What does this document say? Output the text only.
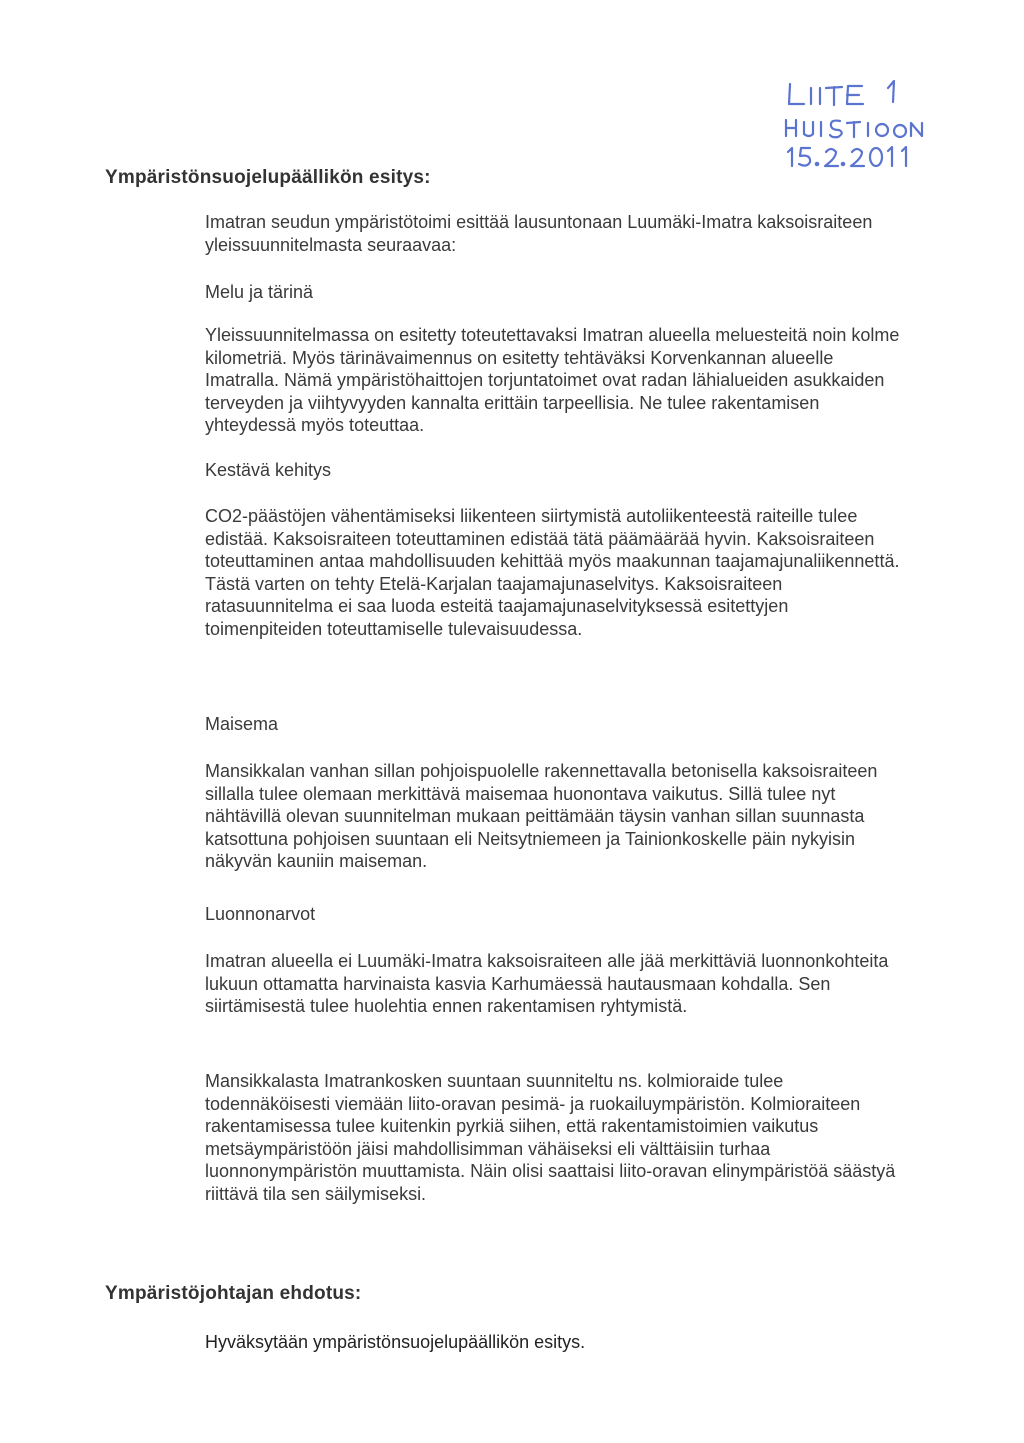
Ympäristönsuojelupäällikön esitys:

Imatran seudun ympäristötoimi esittää lausuntonaan Luumäki-Imatra kaksoisraiteen yleissuunnitelmasta seuraavaa:

Melu ja tärinä

Yleissuunnitelmassa on esitetty toteutettavaksi Imatran alueella meluesteitä noin kolme kilometriä. Myös tärinävaimennus on esitetty tehtäväksi Korvenkannan alueelle Imatralla. Nämä ympäristöhaittojen torjuntatoimet ovat radan lähialueiden asukkaiden terveyden ja viihtyvyyden kannalta erittäin tarpeellisia. Ne tulee rakentamisen yhteydessä myös toteuttaa.

Kestävä kehitys

CO2-päästöjen vähentämiseksi liikenteen siirtymistä autoliikenteestä raiteille tulee edistää. Kaksoisraiteen toteuttaminen edistää tätä päämäärää hyvin. Kaksoisraiteen toteuttaminen antaa mahdollisuuden kehittää myös maakunnan taajamajunaliikennettä. Tästä varten on tehty Etelä-Karjalan taajamajunaselvitys. Kaksoisraiteen ratasuunnitelma ei saa luoda esteitä taajamajunaselvityksessä esitettyjen toimenpiteiden toteuttamiselle tulevaisuudessa.

Maisema

Mansikkalan vanhan sillan pohjoispuolelle rakennettavalla betonisella kaksoisraiteen sillalla tulee olemaan merkittävä maisemaa huonontava vaikutus. Sillä tulee nyt nähtävillä olevan suunnitelman mukaan peittämään täysin vanhan sillan suunnasta katsottuna pohjoisen suuntaan eli Neitsytniemeen ja Tainionkoskelle päin nykyisin näkyvän kauniin maiseman.

Luonnonarvot

Imatran alueella ei Luumäki-Imatra kaksoisraiteen alle jää merkittäviä luonnonkohteita lukuun ottamatta harvinaista kasvia Karhumäessä hautausmaan kohdalla. Sen siirtämisestä tulee huolehtia ennen rakentamisen ryhtymistä.

Mansikkalasta Imatrankosken suuntaan suunniteltu ns. kolmioraide tulee todennäköisesti viemään liito-oravan pesimä- ja ruokailuympäristön. Kolmioraiteen rakentamisessa tulee kuitenkin pyrkiä siihen, että rakentamistoimien vaikutus metsäympäristöön jäisi mahdollisimman vähäiseksi eli välttäisiin turhaa luonnonympäristön muuttamista. Näin olisi saattaisi liito-oravan elinympäristöä säästyä riittävä tila sen säilymiseksi.

Ympäristöjohtajan ehdotus:

Hyväksytään ympäristönsuojelupäällikön esitys.
